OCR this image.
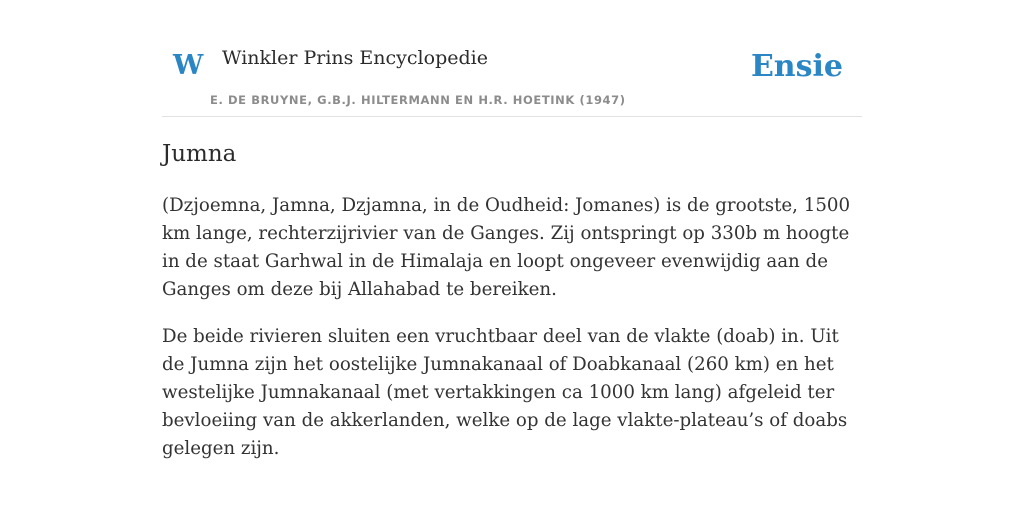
W Winkler Prins Encyclopedie
E. DE BRUYNE, G.B.J. HILTERMANN EN H.R. HOETINK (1947)
Ensie
Jumna

(Dzjoemna, Jamna, Dzjamna, in de Oudheid: Jomanes) is de grootste, 1500 km lange, rechterzijrivier van de Ganges. Zij ontspringt op 330b m hoogte in de staat Garhwal in de Himalaja en loopt ongeveer evenwijdig aan de Ganges om deze bij Allahabad te bereiken.

De beide rivieren sluiten een vruchtbaar deel van de vlakte (doab) in. Uit de Jumna zijn het oostelijke Jumnakanaal of Doabkanaal (260 km) en het westelijke Jumnakanaal (met vertakkingen ca 1000 km lang) afgeleid ter bevloeiing van de akkerlanden, welke op de lage vlakte-plateau’s of doabs gelegen zijn.
